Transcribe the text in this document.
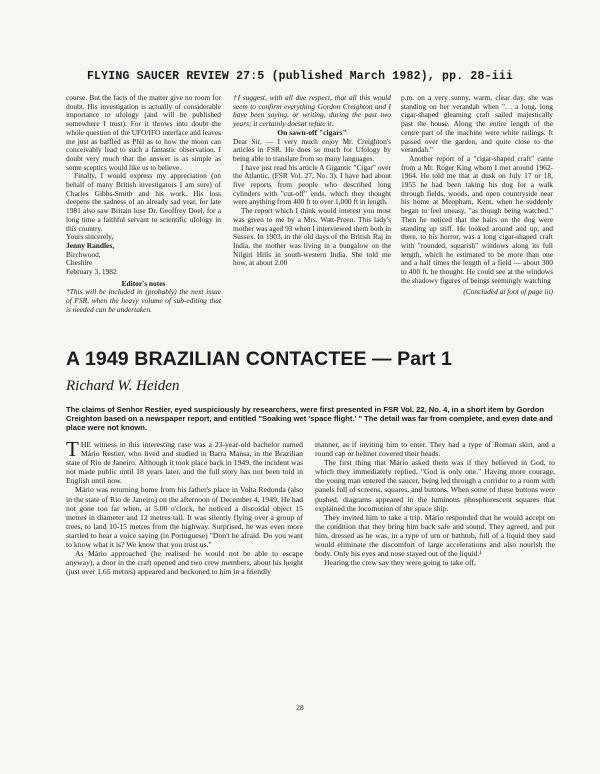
FLYING SAUCER REVIEW 27:5 (published March 1982), pp. 28-iii

course. But the facts of the matter give no room for doubt. His investigation is actually of considerable importance to ufology (and will be published somewhere I trust). For it throws into doubt the whole question of the UFO/IFO interface and leaves me just as baffled as Phil as to how the moon can conceivably lead to such a fantastic observation. I doubt very much that the answer is as simple as some sceptics would like us to believe.

Finally, I would express my appreciation (on behalf of many British investigators I am sure) of Charles Gibbs-Smith and his work. His loss deepens the sadness of an already sad year, for late 1981 also saw Britain lose Dr. Geoffrey Doel, for a long time a faithful servant to scientific ufology in this country.

Yours sincerely,

Jenny Randles,

Birchwood,

Cheshire

February 3, 1982

Editor's notes

*This will be included in (probably) the next issue of FSR, when the heavy volume of sub-editing that is needed can be undertaken.

†I suggest, with all due respect, that all this would seem to confirm everything Gordon Creighton and I have been saying, or writing, during the past two years; it certainly doesnt refute it.

On sawn-off "cigars"

Dear Sir, — I very much enjoy Mr. Creighton's articles in FSR. He does so much for Ufology by being able to translate from so many languages.

I have just read his article A Gigantic "Cigar" over the Atlantic, (FSR Vol. 27, No. 3). I have had about five reports from people who described long cylinders with "cut-off" ends, which they thought were anything from 400 ft to over 1,000 ft in length.

The report which I think would interest you most was given to me by a Mrs. Watt-Preen. This lady's mother was aged 93 when I interviewed them both in Sussex. In 1903, in the old days of the British Raj in India, the mother was living in a bungalow on the Nilgiri Hills in south-western India. She told me how, at about 2.00

p.m. on a very sunny, warm, clear day, she was standing on her verandah when ". . a long, long cigar-shaped gleaming craft sailed majestically past the house. Along the entire length of the centre part of the machine were white railings. It passed over the garden, and quite close to the verandah."

Another report of a "cigar-shaped craft" came from a Mr. Roger King whom I met around 1962-1964. He told me that at dusk on July 17 or 18, 1955 he had been taking his dog for a walk through fields, woods, and open countryside near his home at Meopham, Kent, when he suddenly began to feel uneasy, "as though being watched." Then he noticed that the hairs on the dog were standing up stiff. He looked around and up, and there, to his horror, was a long cigar-shaped craft with "rounded, squarish" windows along its full length, which he estimated to be more than one and a half times the length of a field — about 300 to 400 ft, he thought. He could see at the windows the shadowy figures of beings seemingly watching

(Concluded at foot of page iii)

A 1949 BRAZILIAN CONTACTEE — Part 1
Richard W. Heiden
The claims of Senhor Restier, eyed suspiciously by researchers, were first presented in FSR Vol. 22, No. 4, in a short item by Gordon Creighton based on a newspaper report, and entitled "Soaking wet 'space flight.' " The detail was far from complete, and even date and place were not known.

THE witness in this interesting case was a 23-year-old bachelor named Mário Restier, who lived and studied in Barra Mansa, in the Brazilian state of Rio de Janeiro. Although it took place back in 1949, the incident was not made public until 18 years later, and the full story has not been told in English until now.

Mário was returning home from his father's place in Volta Redonda (also in the state of Rio de Janeiro) on the afternoon of December 4, 1949. He had not gone too far when, at 5.00 o'clock, he noticed a discoidal object 15 metres in diameter and 12 metres tall. It was silently flying over a group of trees, to land 10-15 metres from the highway. Surprised, he was even more startled to hear a voice saying (in Portuguese) "Don't be afraid. Do you want to know what it is? We know that you trust us."

As Mário approached (he realised he would not be able to escape anyway), a door in the craft opened and two crew members, about his height (just over 1.65 metres) appeared and beckoned to him in a friendly

manner, as if inviting him to enter. They had a type of Roman skirt, and a round cap or helmet covered their heads.

The first thing that Mário asked them was if they believed in God, to which they immediately replied, "God is only one." Having more courage, the young man entered the saucer, being led through a corridor to a room with panels full of screens, squares, and buttons. When some of these buttons were pushed, diagrams appeared in the luminous phosphorescent squares that explained the locomotion of the space ship.

They invited him to take a trip. Mário responded that he would accept on the condition that they bring him back safe and sound. They agreed, and put him, dressed as he was, in a type of urn or bathtub, full of a liquid they said would eliminate the discomfort of large accelerations and also nourish the body. Only his eyes and nose stayed out of the liquid.¹

Hearing the crew say they were going to take off,

28
